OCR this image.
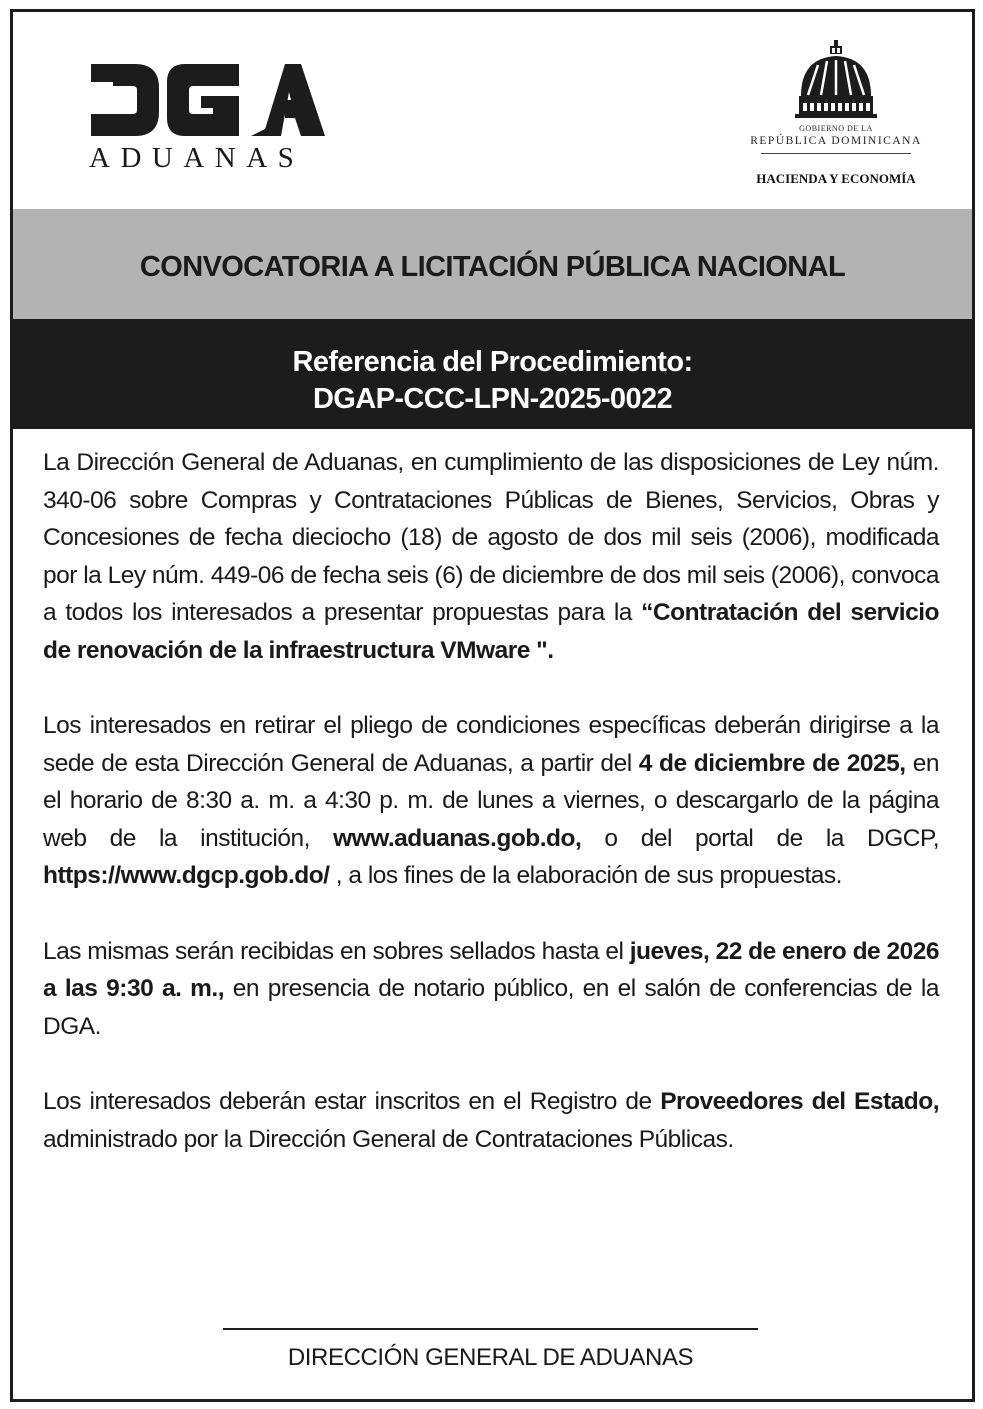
ADUANAS
GOBIERNO DE LA
REPÚBLICA DOMINICANA
HACIENDA Y ECONOMÍA
CONVOCATORIA A LICITACIÓN PÚBLICA NACIONAL
Referencia del Procedimiento:
DGAP-CCC-LPN-2025-0022

La Dirección General de Aduanas, en cumplimiento de las disposiciones de Ley núm. 340-06 sobre Compras y Contrataciones Públicas de Bienes, Servicios, Obras y Concesiones de fecha dieciocho (18) de agosto de dos mil seis (2006), modificada por la Ley núm. 449-06 de fecha seis (6) de diciembre de dos mil seis (2006), convoca a todos los interesados a presentar propuestas para la “Contratación del servicio de renovación de la infraestructura VMware ".

Los interesados en retirar el pliego de condiciones específicas deberán dirigirse a la sede de esta Dirección General de Aduanas, a partir del 4 de diciembre de 2025, en el horario de 8:30 a. m. a 4:30 p. m. de lunes a viernes, o descargarlo de la página web de la institución, www.aduanas.gob.do, o del portal de la DGCP, https://www.dgcp.gob.do/ , a los fines de la elaboración de sus propuestas.

Las mismas serán recibidas en sobres sellados hasta el jueves, 22 de enero de 2026 a las 9:30 a. m., en presencia de notario público, en el salón de conferencias de la DGA.

Los interesados deberán estar inscritos en el Registro de Proveedores del Estado, administrado por la Dirección General de Contrataciones Públicas.

DIRECCIÓN GENERAL DE ADUANAS
